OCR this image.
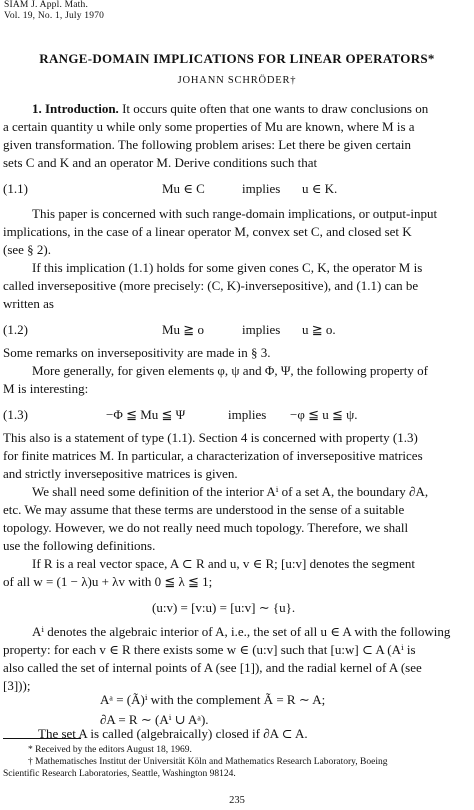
SIAM J. Appl. Math.
Vol. 19, No. 1, July 1970
RANGE-DOMAIN IMPLICATIONS FOR LINEAR OPERATORS*
JOHANN SCHRÖDER†
1. Introduction. It occurs quite often that one wants to draw conclusions on
a certain quantity u while only some properties of Mu are known, where M is a
given transformation. The following problem arises: Let there be given certain
sets C and K and an operator M. Derive conditions such that
(1.1)	Mu ∈ C	implies u ∈ K.
This paper is concerned with such range-domain implications, or output-input
implications, in the case of a linear operator M, convex set C, and closed set K
(see § 2).
If this implication (1.1) holds for some given cones C, K, the operator M is
called inversepositive (more precisely: (C, K)-inversepositive), and (1.1) can be
written as
(1.2)	Mu ≧ o	implies u ≧ o.
Some remarks on inversepositivity are made in § 3.
More generally, for given elements φ, ψ and Φ, Ψ, the following property of
M is interesting:
(1.3)	−Φ ≦ Mu ≦ Ψ	implies −φ ≦ u ≦ ψ.
This also is a statement of type (1.1). Section 4 is concerned with property (1.3)
for finite matrices M. In particular, a characterization of inversepositive matrices
and strictly inversepositive matrices is given.
We shall need some definition of the interior Aⁱ of a set A, the boundary ∂A,
etc. We may assume that these terms are understood in the sense of a suitable
topology. However, we do not really need much topology. Therefore, we shall
use the following definitions.
If R is a real vector space, A ⊂ R and u, v ∈ R; [u:v] denotes the segment
of all w = (1 − λ)u + λv with 0 ≦ λ ≦ 1;
(u:v) = [v:u) = [u:v] ∼ {u}.
Aⁱ denotes the algebraic interior of A, i.e., the set of all u ∈ A with the following
property: for each v ∈ R there exists some w ∈ (u:v] such that [u:w] ⊂ A (Aⁱ is
also called the set of internal points of A (see [1]), and the radial kernel of A (see
[3]));
Aᵃ = (Ã)ⁱ with the complement Ã = R ∼ A;
∂A = R ∼ (Aⁱ ∪ Aᵃ).
The set A is called (algebraically) closed if ∂A ⊂ A.
* Received by the editors August 18, 1969.
† Mathematisches Institut der Universität Köln and Mathematics Research Laboratory, Boeing
Scientific Research Laboratories, Seattle, Washington 98124.
235
